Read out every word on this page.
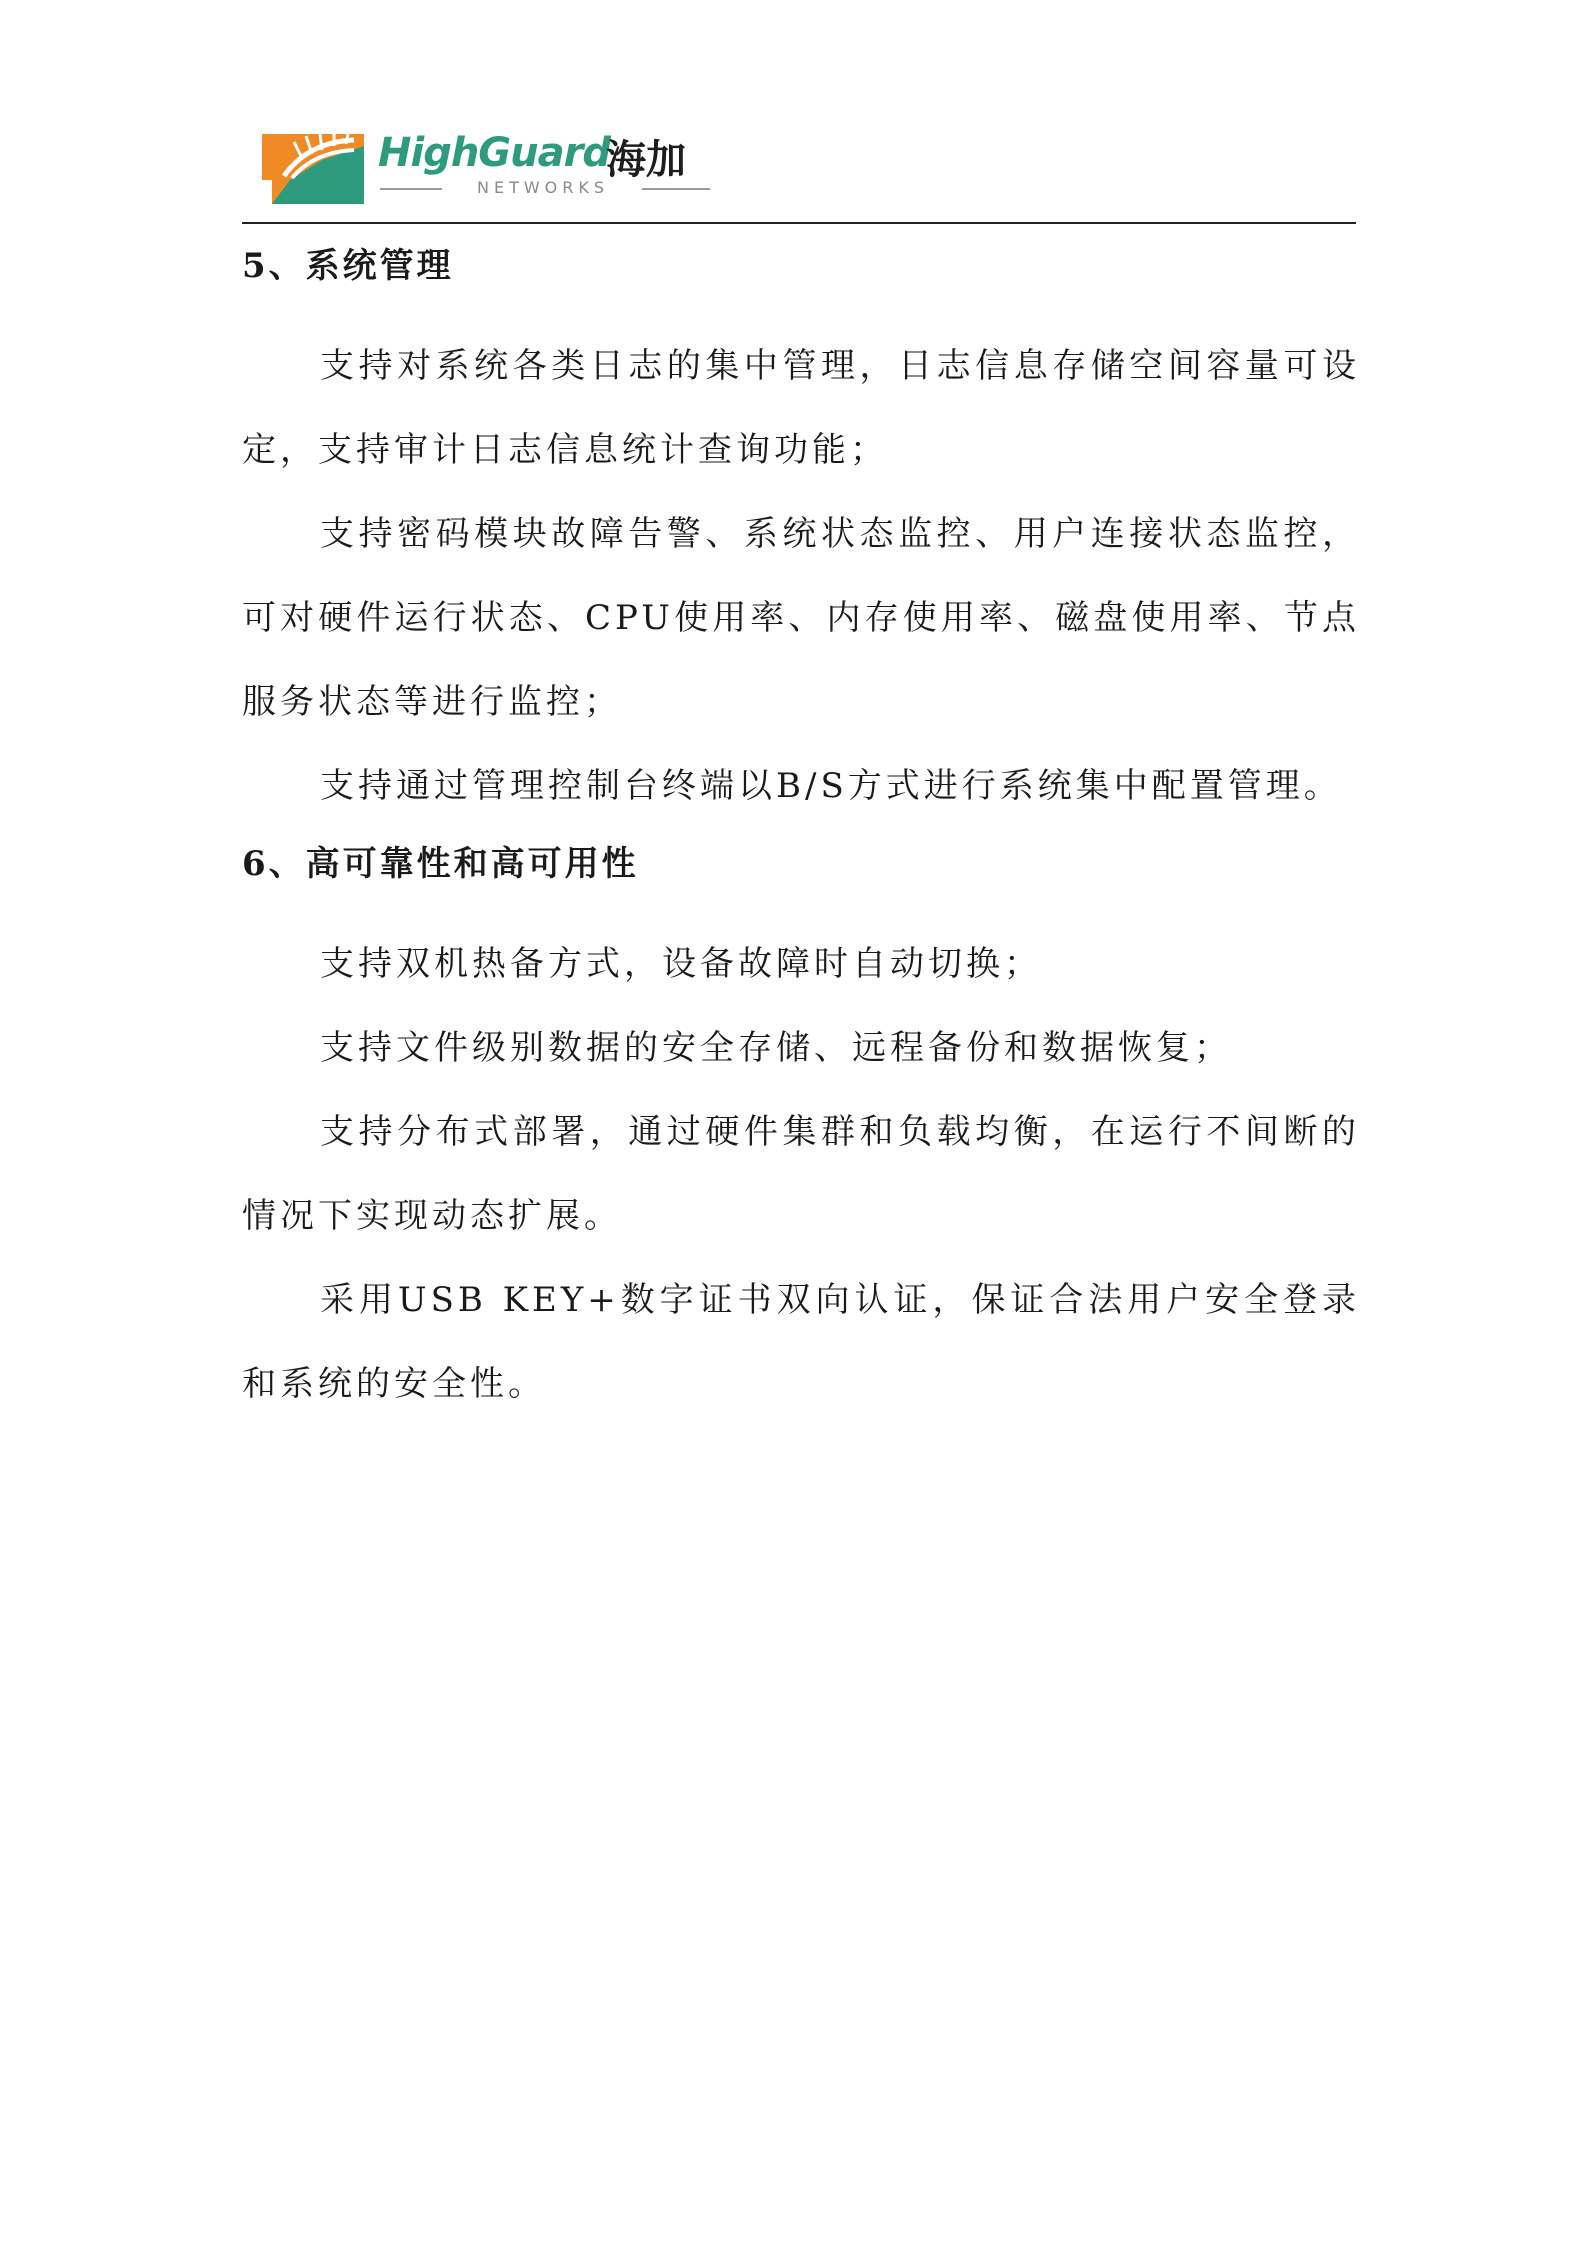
HighGuard
海加
NETWORKS
5、系统管理

支持对系统各类日志的集中管理，日志信息存储空间容量可设定，支持审计日志信息统计查询功能；

支持密码模块故障告警、系统状态监控、用户连接状态监控，可对硬件运行状态、CPU使用率、内存使用率、磁盘使用率、节点服务状态等进行监控；

支持通过管理控制台终端以B/S方式进行系统集中配置管理。

6、高可靠性和高可用性

支持双机热备方式，设备故障时自动切换；

支持文件级别数据的安全存储、远程备份和数据恢复；

支持分布式部署，通过硬件集群和负载均衡，在运行不间断的情况下实现动态扩展。

采用USB KEY+数字证书双向认证，保证合法用户安全登录和系统的安全性。
